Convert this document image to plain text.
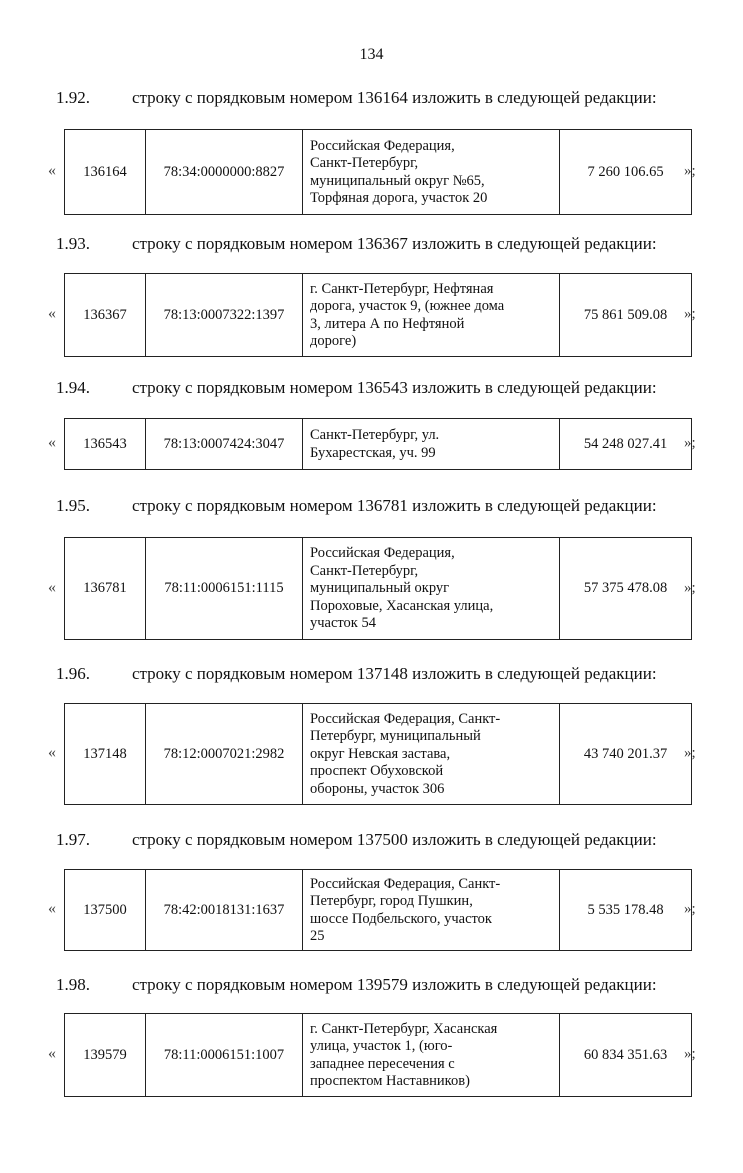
134
1.92. строку с порядковым номером 136164 изложить в следующей редакции:
« 136164	78:34:0000000:8827	
Российская Федерация,
Санкт-Петербург,
муниципальный округ №65,
Торфяная дорога, участок 20
	7 260 106.65 »;
1.93. строку с порядковым номером 136367 изложить в следующей редакции:
« 136367	78:13:0007322:1397	
г. Санкт-Петербург, Нефтяная
дорога, участок 9, (южнее дома
3, литера А по Нефтяной
дороге)
	75 861 509.08 »;
1.94. строку с порядковым номером 136543 изложить в следующей редакции:
« 136543	78:13:0007424:3047	
Санкт-Петербург, ул.
Бухарестская, уч. 99
	54 248 027.41 »;
1.95. строку с порядковым номером 136781 изложить в следующей редакции:
« 136781	78:11:0006151:1115	
Российская Федерация,
Санкт-Петербург,
муниципальный округ
Пороховые, Хасанская улица,
участок 54
	57 375 478.08 »;
1.96. строку с порядковым номером 137148 изложить в следующей редакции:
« 137148	78:12:0007021:2982	
Российская Федерация, Санкт-
Петербург, муниципальный
округ Невская застава,
проспект Обуховской
обороны, участок 306
	43 740 201.37 »;
1.97. строку с порядковым номером 137500 изложить в следующей редакции:
« 137500	78:42:0018131:1637	
Российская Федерация, Санкт-
Петербург, город Пушкин,
шоссе Подбельского, участок
25
	5 535 178.48 »;
1.98. строку с порядковым номером 139579 изложить в следующей редакции:
« 139579	78:11:0006151:1007	
г. Санкт-Петербург, Хасанская
улица, участок 1, (юго-
западнее пересечения с
проспектом Наставников)
	60 834 351.63 »;
